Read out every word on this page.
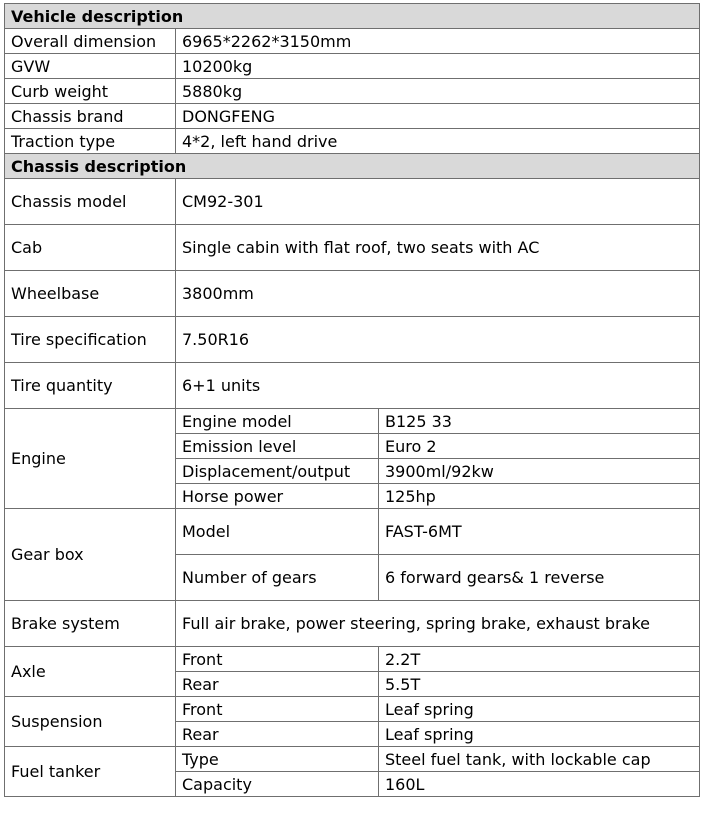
Vehicle description		
Overall dimension	6965*2262*3150mm	
GVW	10200kg	
Curb weight	5880kg	
Chassis brand	DONGFENG	
Traction type	4*2, left hand drive	
Chassis description		
Chassis model	CM92-301	
Cab	Single cabin with flat roof, two seats with AC	
Wheelbase	3800mm	
Tire specification	7.50R16	
Tire quantity	6+1 units	
Engine	Engine model	B125 33
	Emission level	Euro 2
	Displacement/output	3900ml/92kw
	Horse power	125hp
Gear box	Model	FAST-6MT
	Number of gears	6 forward gears& 1 reverse
Brake system	Full air brake, power steering, spring brake, exhaust brake	
Axle	Front	2.2T
	Rear	5.5T
Suspension	Front	Leaf spring
	Rear	Leaf spring
Fuel tanker	Type	Steel fuel tank, with lockable cap
	Capacity	160L
